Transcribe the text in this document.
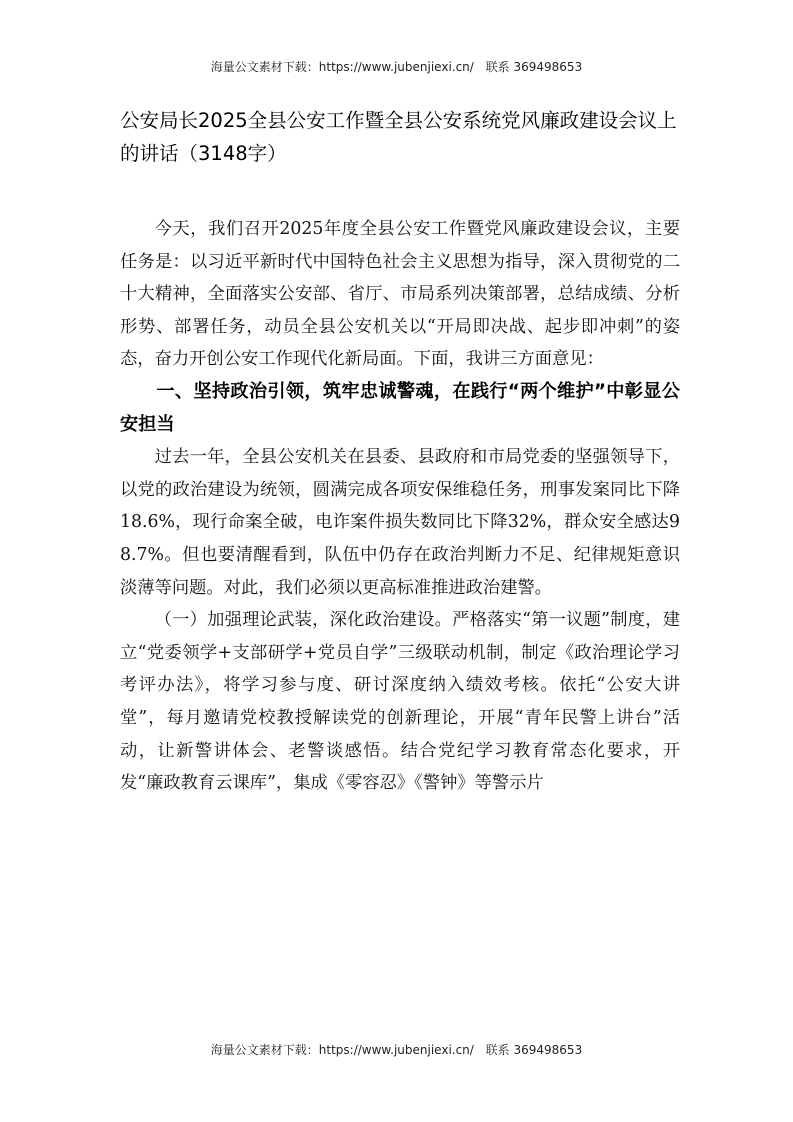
海量公文素材下载：https://www.jubenjiexi.cn/ 联系 369498653
公安局长2025全县公安工作暨全县公安系统党风廉政建设会议上的讲话（3148字）

今天，我们召开2025年度全县公安工作暨党风廉政建设会议，主要任务是：以习近平新时代中国特色社会主义思想为指导，深入贯彻党的二十大精神，全面落实公安部、省厅、市局系列决策部署，总结成绩、分析形势、部署任务，动员全县公安机关以“开局即决战、起步即冲刺”的姿态，奋力开创公安工作现代化新局面。下面，我讲三方面意见：

一、坚持政治引领，筑牢忠诚警魂，在践行“两个维护”中彰显公安担当

过去一年，全县公安机关在县委、县政府和市局党委的坚强领导下，以党的政治建设为统领，圆满完成各项安保维稳任务，刑事发案同比下降18.6%，现行命案全破，电诈案件损失数同比下降32%，群众安全感达98.7%。但也要清醒看到，队伍中仍存在政治判断力不足、纪律规矩意识淡薄等问题。对此，我们必须以更高标准推进政治建警。

（一）加强理论武装，深化政治建设。严格落实“第一议题”制度，建立“党委领学+支部研学+党员自学”三级联动机制，制定《政治理论学习考评办法》，将学习参与度、研讨深度纳入绩效考核。依托“公安大讲堂”，每月邀请党校教授解读党的创新理论，开展“青年民警上讲台”活动，让新警讲体会、老警谈感悟。结合党纪学习教育常态化要求，开发“廉政教育云课库”，集成《零容忍》《警钟》等警示片

海量公文素材下载：https://www.jubenjiexi.cn/ 联系 369498653
